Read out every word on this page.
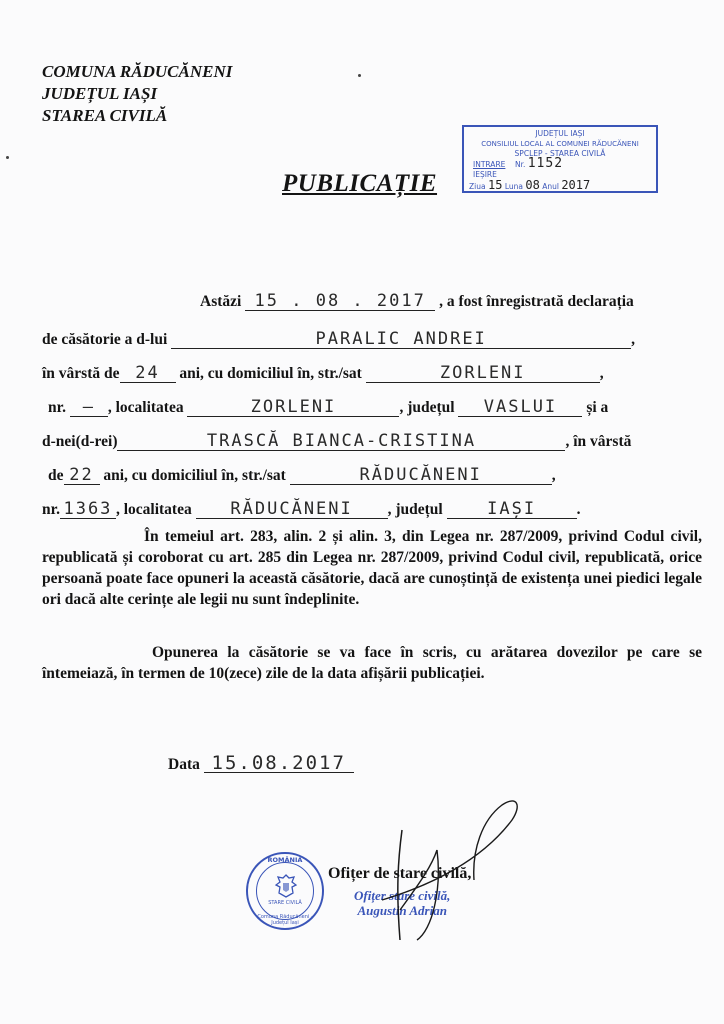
COMUNA RĂDUCĂNENI
JUDEȚUL IAȘI
STAREA CIVILĂ
JUDEȚUL IAȘI
CONSILIUL LOCAL AL COMUNEI RĂDUCĂNENI
SPCLEP - STAREA CIVILĂ
INTRARE Nr. 1152
IEȘIRE
Ziua 15 Luna 08 Anul 2017
PUBLICAȚIE
Astăzi 15 . 08 . 2017 , a fost înregistrată declarația
de căsătorie a d-lui	PARALIC ANDREI	,
în vârstă de 24 ani, cu domiciliul în, str./sat	ZORLENI	,
nr. — , localitatea	ZORLENI	, județul VASLUI și a
d-nei(d-rei)	TRASCĂ BIANCA-CRISTINA	, în vârstă
de 22 ani, cu domiciliul în, str./sat	RĂDUCĂNENI	,
nr. 1363 , localitatea RĂDUCĂNENI , județul	IAȘI	.
În temeiul art. 283, alin. 2 și alin. 3, din Legea nr. 287/2009, privind Codul civil, republicată și coroborat cu art. 285 din Legea nr. 287/2009, privind Codul civil, republicată, orice persoană poate face opuneri la această căsătorie, dacă are cunoștință de existența unei piedici legale ori dacă alte cerințe ale legii nu sunt îndeplinite.
Opunerea la căsătorie se va face în scris, cu arătarea dovezilor pe care se întemeiază, în termen de 10(zece) zile de la data afișării publicației.
Data 15.08.2017
ROMÂNIA
STARE CIVILĂ
Comuna Răducăneni - Județul Iași
Ofițer de stare civilă,
Ofițer stare civilă,
Augustin Adrian
